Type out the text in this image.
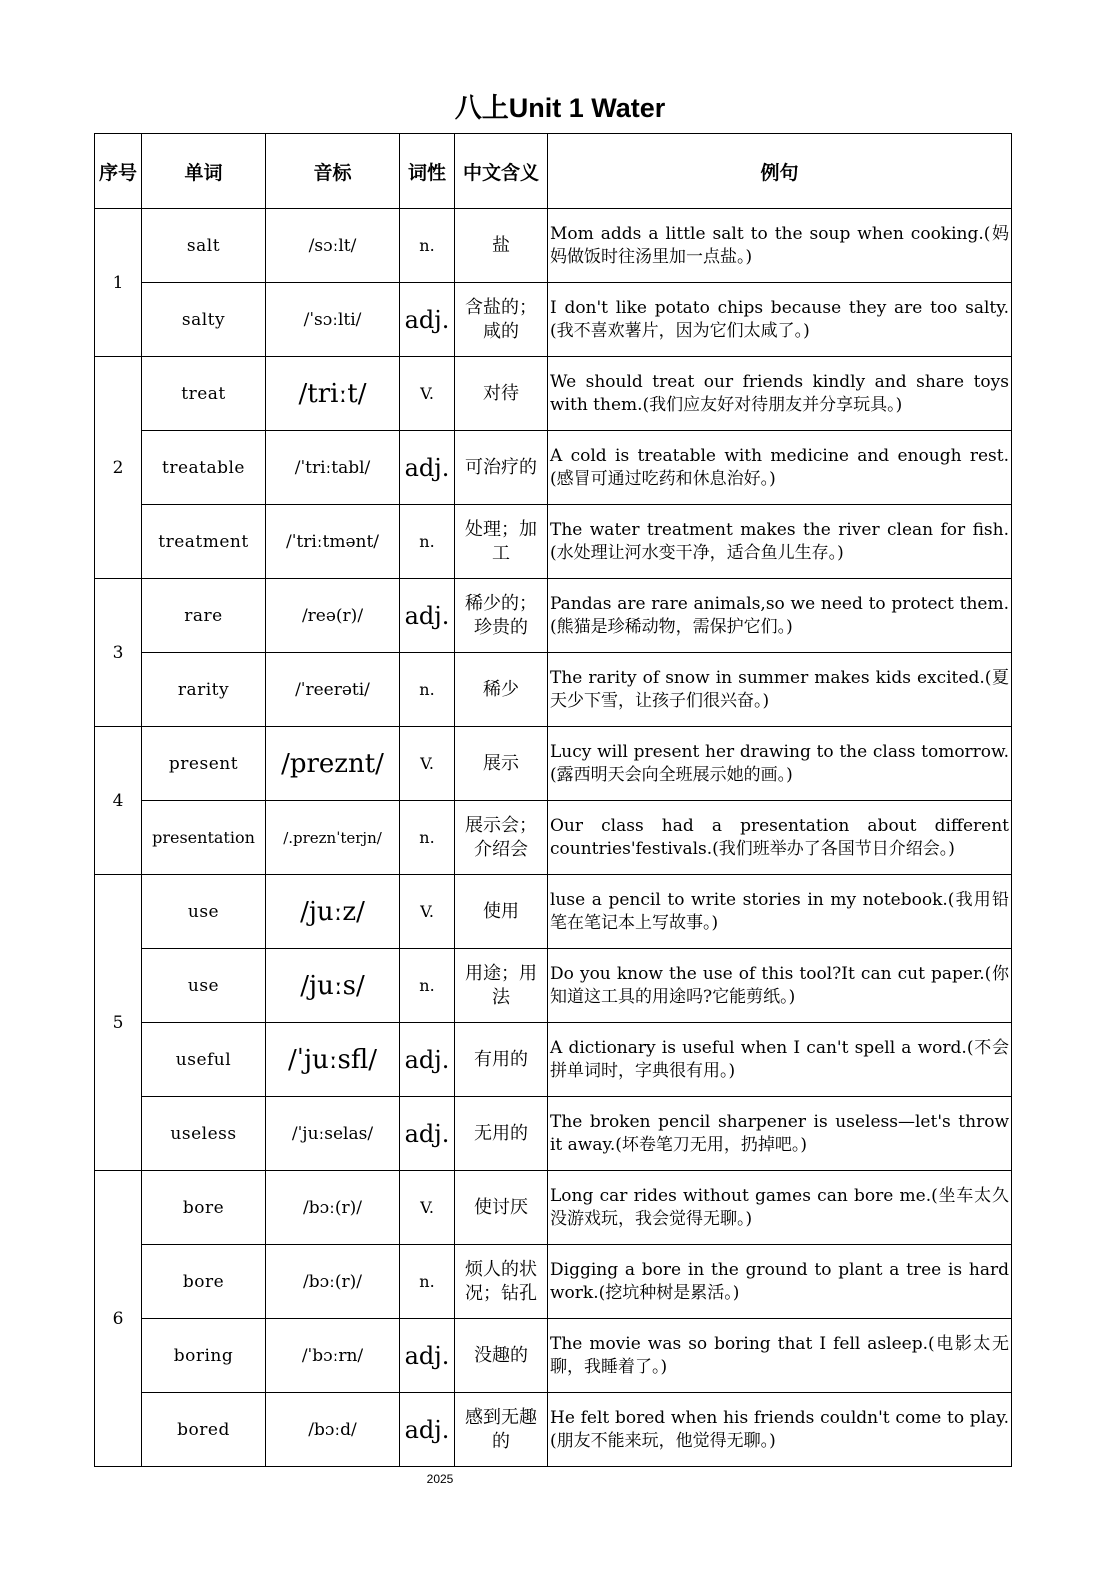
八上Unit 1 Water
序号	单词	音标	词性	中文含义	例句
1	salt	/sɔːlt/	n.	盐	Mom adds a little salt to the soup when cooking.(妈妈做饭时往汤里加一点盐。)
	salty	/ˈsɔːlti/	adj.	含盐的；咸的	I don't like potato chips because they are too salty.(我不喜欢薯片，因为它们太咸了。)
2	treat	/triːt/	V.	对待	We should treat our friends kindly and share toys with them.(我们应友好对待朋友并分享玩具。)
	treatable	/ˈtriːtabl/	adj.	可治疗的	A cold is treatable with medicine and enough rest.(感冒可通过吃药和休息治好。)
	treatment	/ˈtriːtmənt/	n.	处理；加工	The water treatment makes the river clean for fish.(水处理让河水变干净，适合鱼儿生存。)
3	rare	/reə(r)/	adj.	稀少的；珍贵的	Pandas are rare animals,so we need to protect them.(熊猫是珍稀动物，需保护它们。)
	rarity	/ˈreerəti/	n.	稀少	The rarity of snow in summer makes kids excited.(夏天少下雪，让孩子们很兴奋。)
4	present	/preznt/	V.	展示	Lucy will present her drawing to the class tomorrow.(露西明天会向全班展示她的画。)
	presentation	/.preznˈterjn/	n.	展示会；介绍会	Our class had a presentation about different countries'festivals.(我们班举办了各国节日介绍会。)
5	use	/juːz/	V.	使用	luse a pencil to write stories in my notebook.(我用铅笔在笔记本上写故事。)
	use	/juːs/	n.	用途；用法	Do you know the use of this tool?It can cut paper.(你知道这工具的用途吗?它能剪纸。)
	useful	/ˈjuːsfl/	adj.	有用的	A dictionary is useful when I can't spell a word.(不会拼单词时，字典很有用。)
	useless	/ˈjuːselas/	adj.	无用的	The broken pencil sharpener is useless—let's throw it away.(坏卷笔刀无用，扔掉吧。)
6	bore	/bɔː(r)/	V.	使讨厌	Long car rides without games can bore me.(坐车太久没游戏玩，我会觉得无聊。)
	bore	/bɔː(r)/	n.	烦人的状况；钻孔	Digging a bore in the ground to plant a tree is hard work.(挖坑种树是累活。)
	boring	/ˈbɔːrn/	adj.	没趣的	The movie was so boring that I fell asleep.(电影太无聊，我睡着了。)
	bored	/bɔːd/	adj.	感到无趣的	He felt bored when his friends couldn't come to play.(朋友不能来玩，他觉得无聊。)
2025
